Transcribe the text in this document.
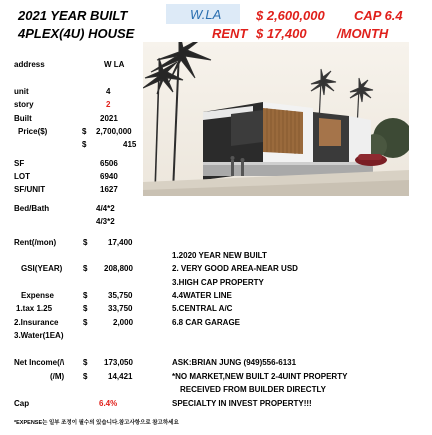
2021 YEAR BUILT
4PLEX(4U) HOUSE
W.LA	$ 2,600,000 CAP 6.4
RENT $ 17,400 /MONTH
address	W LA
unit	4
story	2
Built	2021
Price($)	$ 2,700,000
$	415
SF	6506
LOT	6940
SF/UNIT	1627
Bed/Bath	4/4*2
4/3*2
Rent(/mon)	$	17,400
GSI(YEAR)	$ 208,800
Expense	$	35,750
1.tax 1.25	$	33,750
2.Insurance	$	2,000
3.Water(1EA)
Net Income(/\ $ 173,050
(/M) $	14,421
Cap	6.4%
1.2020 YEAR NEW BUILT
2. VERY GOOD AREA-NEAR USD
3.HIGH CAP PROPERTY
4.4WATER LINE
5.CENTRAL A/C
6.8 CAR GARAGE
ASK:BRIAN JUNG (949)556-6131
*NO MARKET,NEW BUILT 2-4UINT PROPERTY
RECEIVED FROM BUILDER DIRECTLY
SPECIALTY IN INVEST PROPERTY!!!
*EXPENSE는 일부 조정이 필수의 있습니다.참고사항으로 참고하세요
